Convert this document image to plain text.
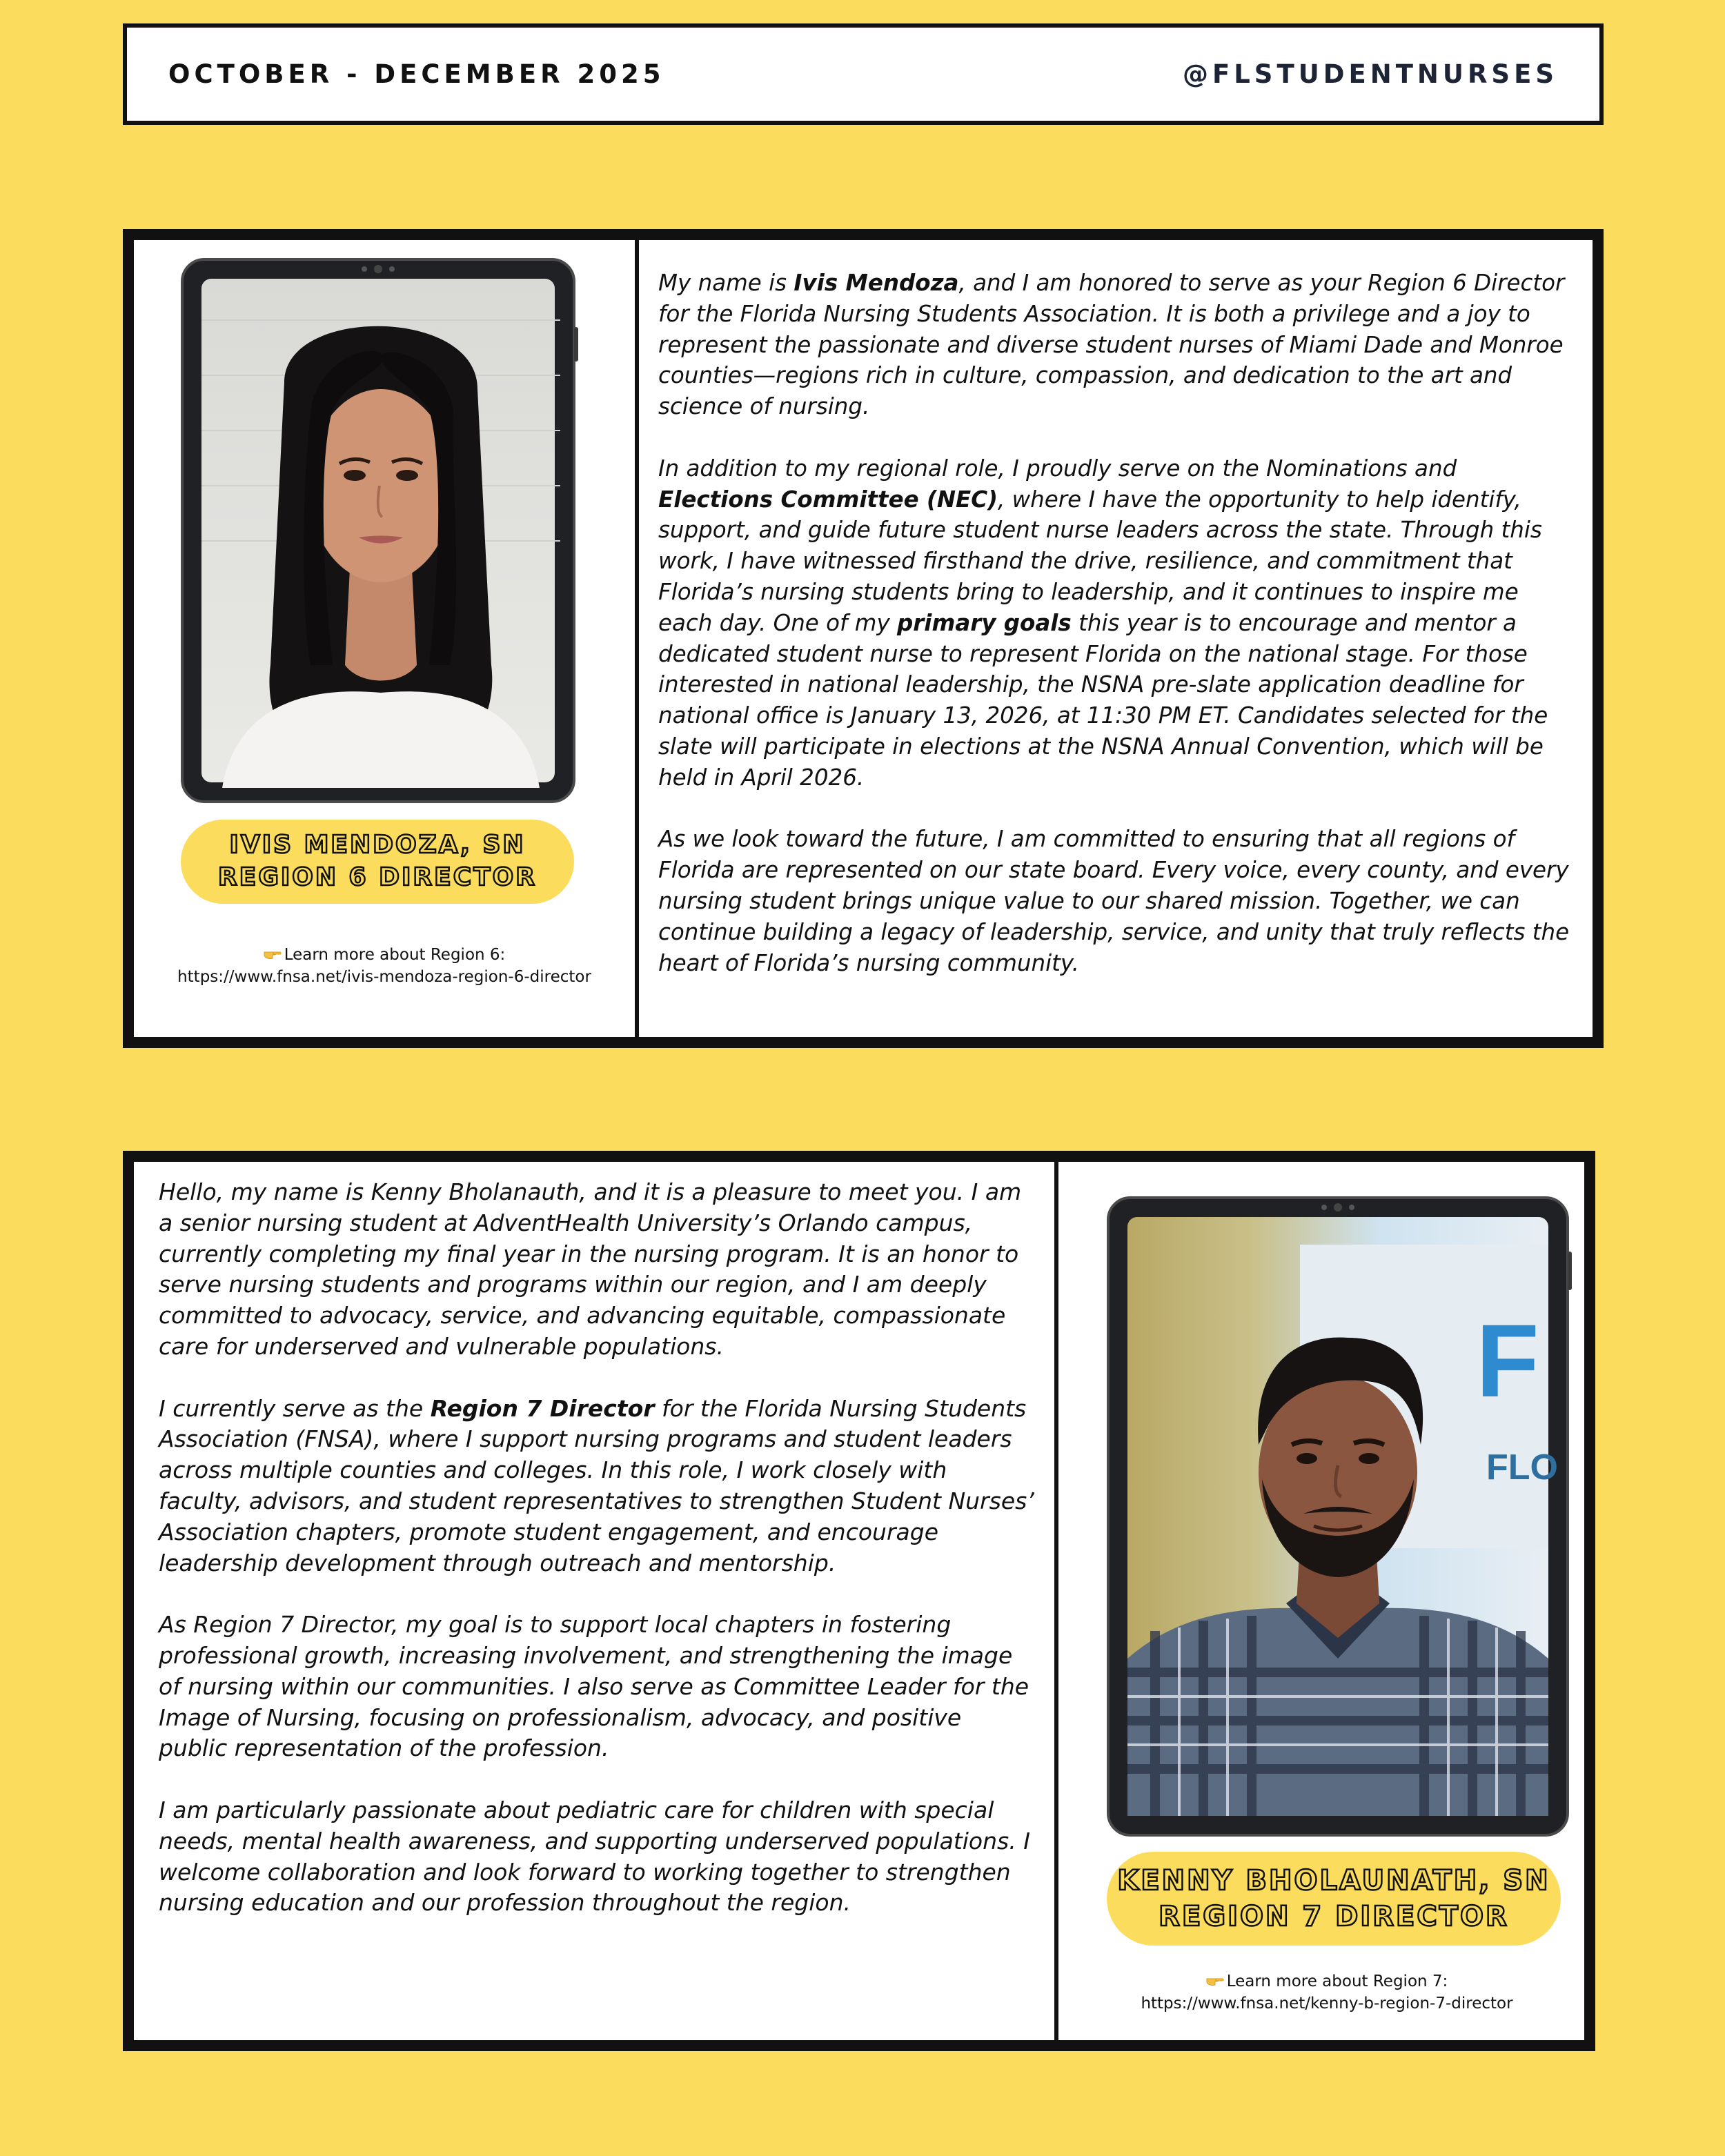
OCTOBER - DECEMBER 2025	@FLSTUDENTNURSES
IVIS MENDOZA, SN
REGION 6 DIRECTOR
Learn more about Region 6:
https://www.fnsa.net/ivis-mendoza-region-6-director

My name is Ivis Mendoza, and I am honored to serve as your Region 6 Director for the Florida Nursing Students Association. It is both a privilege and a joy to represent the passionate and diverse student nurses of Miami Dade and Monroe counties—regions rich in culture, compassion, and dedication to the art and science of nursing.

In addition to my regional role, I proudly serve on the Nominations and Elections Committee (NEC), where I have the opportunity to help identify, support, and guide future student nurse leaders across the state. Through this work, I have witnessed firsthand the drive, resilience, and commitment that Florida’s nursing students bring to leadership, and it continues to inspire me each day. One of my primary goals this year is to encourage and mentor a dedicated student nurse to represent Florida on the national stage. For those interested in national leadership, the NSNA pre-slate application deadline for national office is January 13, 2026, at 11:30 PM ET. Candidates selected for the slate will participate in elections at the NSNA Annual Convention, which will be held in April 2026.

As we look toward the future, I am committed to ensuring that all regions of Florida are represented on our state board. Every voice, every county, and every nursing student brings unique value to our shared mission. Together, we can continue building a legacy of leadership, service, and unity that truly reflects the heart of Florida’s nursing community.

Hello, my name is Kenny Bholanauth, and it is a pleasure to meet you. I am a senior nursing student at AdventHealth University’s Orlando campus, currently completing my final year in the nursing program. It is an honor to serve nursing students and programs within our region, and I am deeply committed to advocacy, service, and advancing equitable, compassionate care for underserved and vulnerable populations.

I currently serve as the Region 7 Director for the Florida Nursing Students Association (FNSA), where I support nursing programs and student leaders across multiple counties and colleges. In this role, I work closely with faculty, advisors, and student representatives to strengthen Student Nurses’ Association chapters, promote student engagement, and encourage leadership development through outreach and mentorship.

As Region 7 Director, my goal is to support local chapters in fostering professional growth, increasing involvement, and strengthening the image of nursing within our communities. I also serve as Committee Leader for the Image of Nursing, focusing on professionalism, advocacy, and positive public representation of the profession.

I am particularly passionate about pediatric care for children with special needs, mental health awareness, and supporting underserved populations. I welcome collaboration and look forward to working together to strengthen nursing education and our profession throughout the region.

F
FLO
KENNY BHOLAUNATH, SN
REGION 7 DIRECTOR
Learn more about Region 7:
https://www.fnsa.net/kenny-b-region-7-director
